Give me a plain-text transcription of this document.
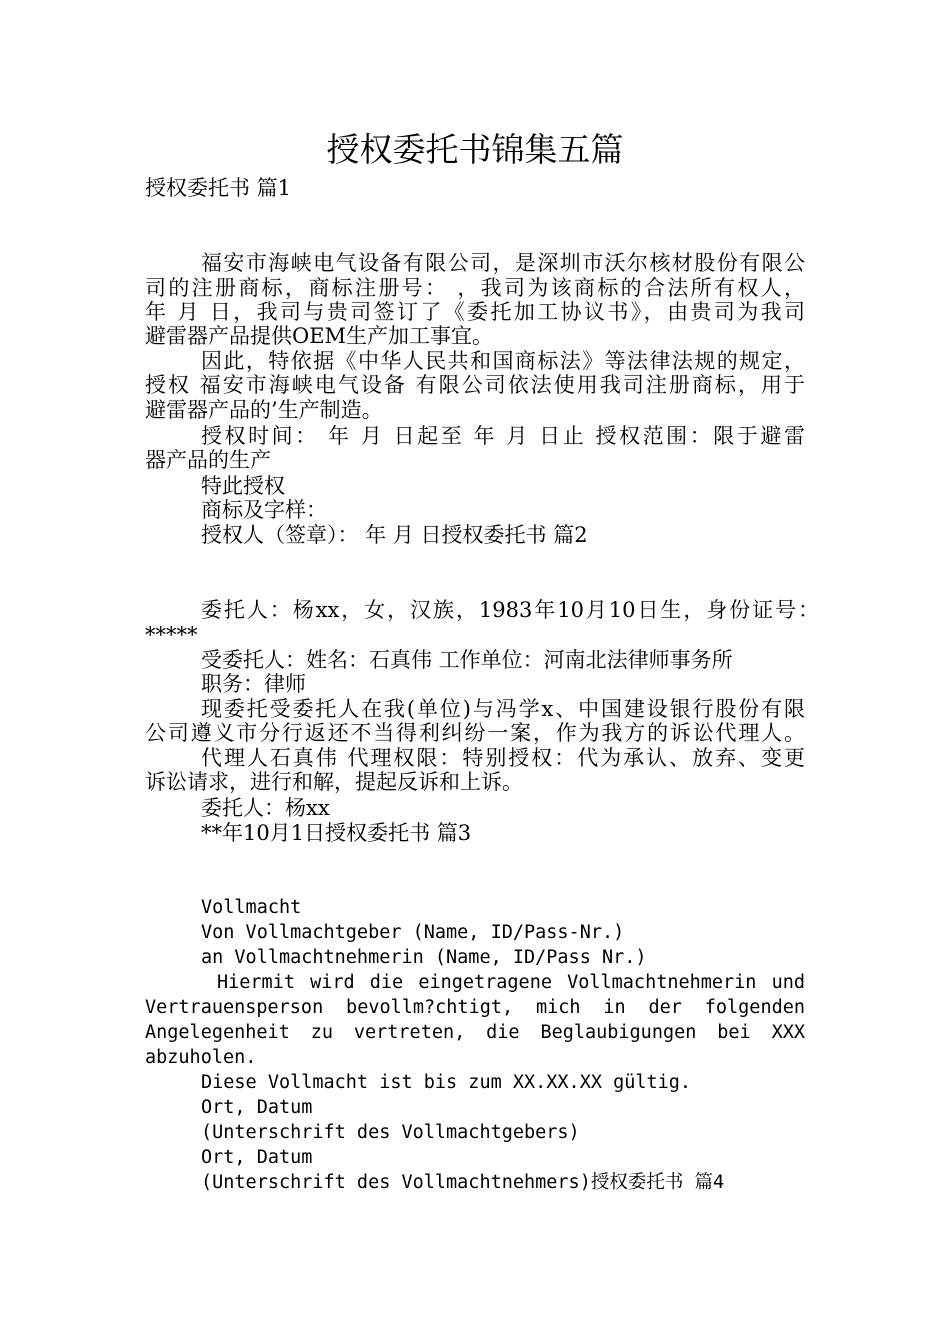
授权委托书锦集五篇
授权委托书 篇1
福安市海峡电气设备有限公司，是深圳市沃尔核材股份有限公
司的注册商标，商标注册号： ，我司为该商标的合法所有权人，
年 月 日，我司与贵司签订了《委托加工协议书》，由贵司为我司
避雷器产品提供OEM生产加工事宜。
因此，特依据《中华人民共和国商标法》等法律法规的规定，
授权 福安市海峡电气设备 有限公司依法使用我司注册商标，用于
避雷器产品的’生产制造。
授权时间： 年 月 日起至 年 月 日止 授权范围：限于避雷
器产品的生产
特此授权
商标及字样：
授权人（签章）： 年 月 日授权委托书 篇2
委托人：杨xx，女，汉族，1983年10月10日生，身份证号：
*****
受委托人：姓名：石真伟 工作单位：河南北法律师事务所
职务：律师
现委托受委托人在我(单位)与冯学x、中国建设银行股份有限
公司遵义市分行返还不当得利纠纷一案，作为我方的诉讼代理人。
代理人石真伟 代理权限：特别授权：代为承认、放弃、变更
诉讼请求，进行和解，提起反诉和上诉。
委托人：杨xx
**年10月1日授权委托书 篇3
Vollmacht
Von Vollmachtgeber (Name, ID/Pass-Nr.)
an Vollmachtnehmerin (Name, ID/Pass Nr.)
Hiermit wird die eingetragene Vollmachtnehmerin und
Vertrauensperson bevollm?chtigt, mich in der folgenden
Angelegenheit zu vertreten, die Beglaubigungen bei XXX
abzuholen.
Diese Vollmacht ist bis zum XX.XX.XX gültig.
Ort, Datum
(Unterschrift des Vollmachtgebers)
Ort, Datum
(Unterschrift des Vollmachtnehmers)授权委托书 篇4
